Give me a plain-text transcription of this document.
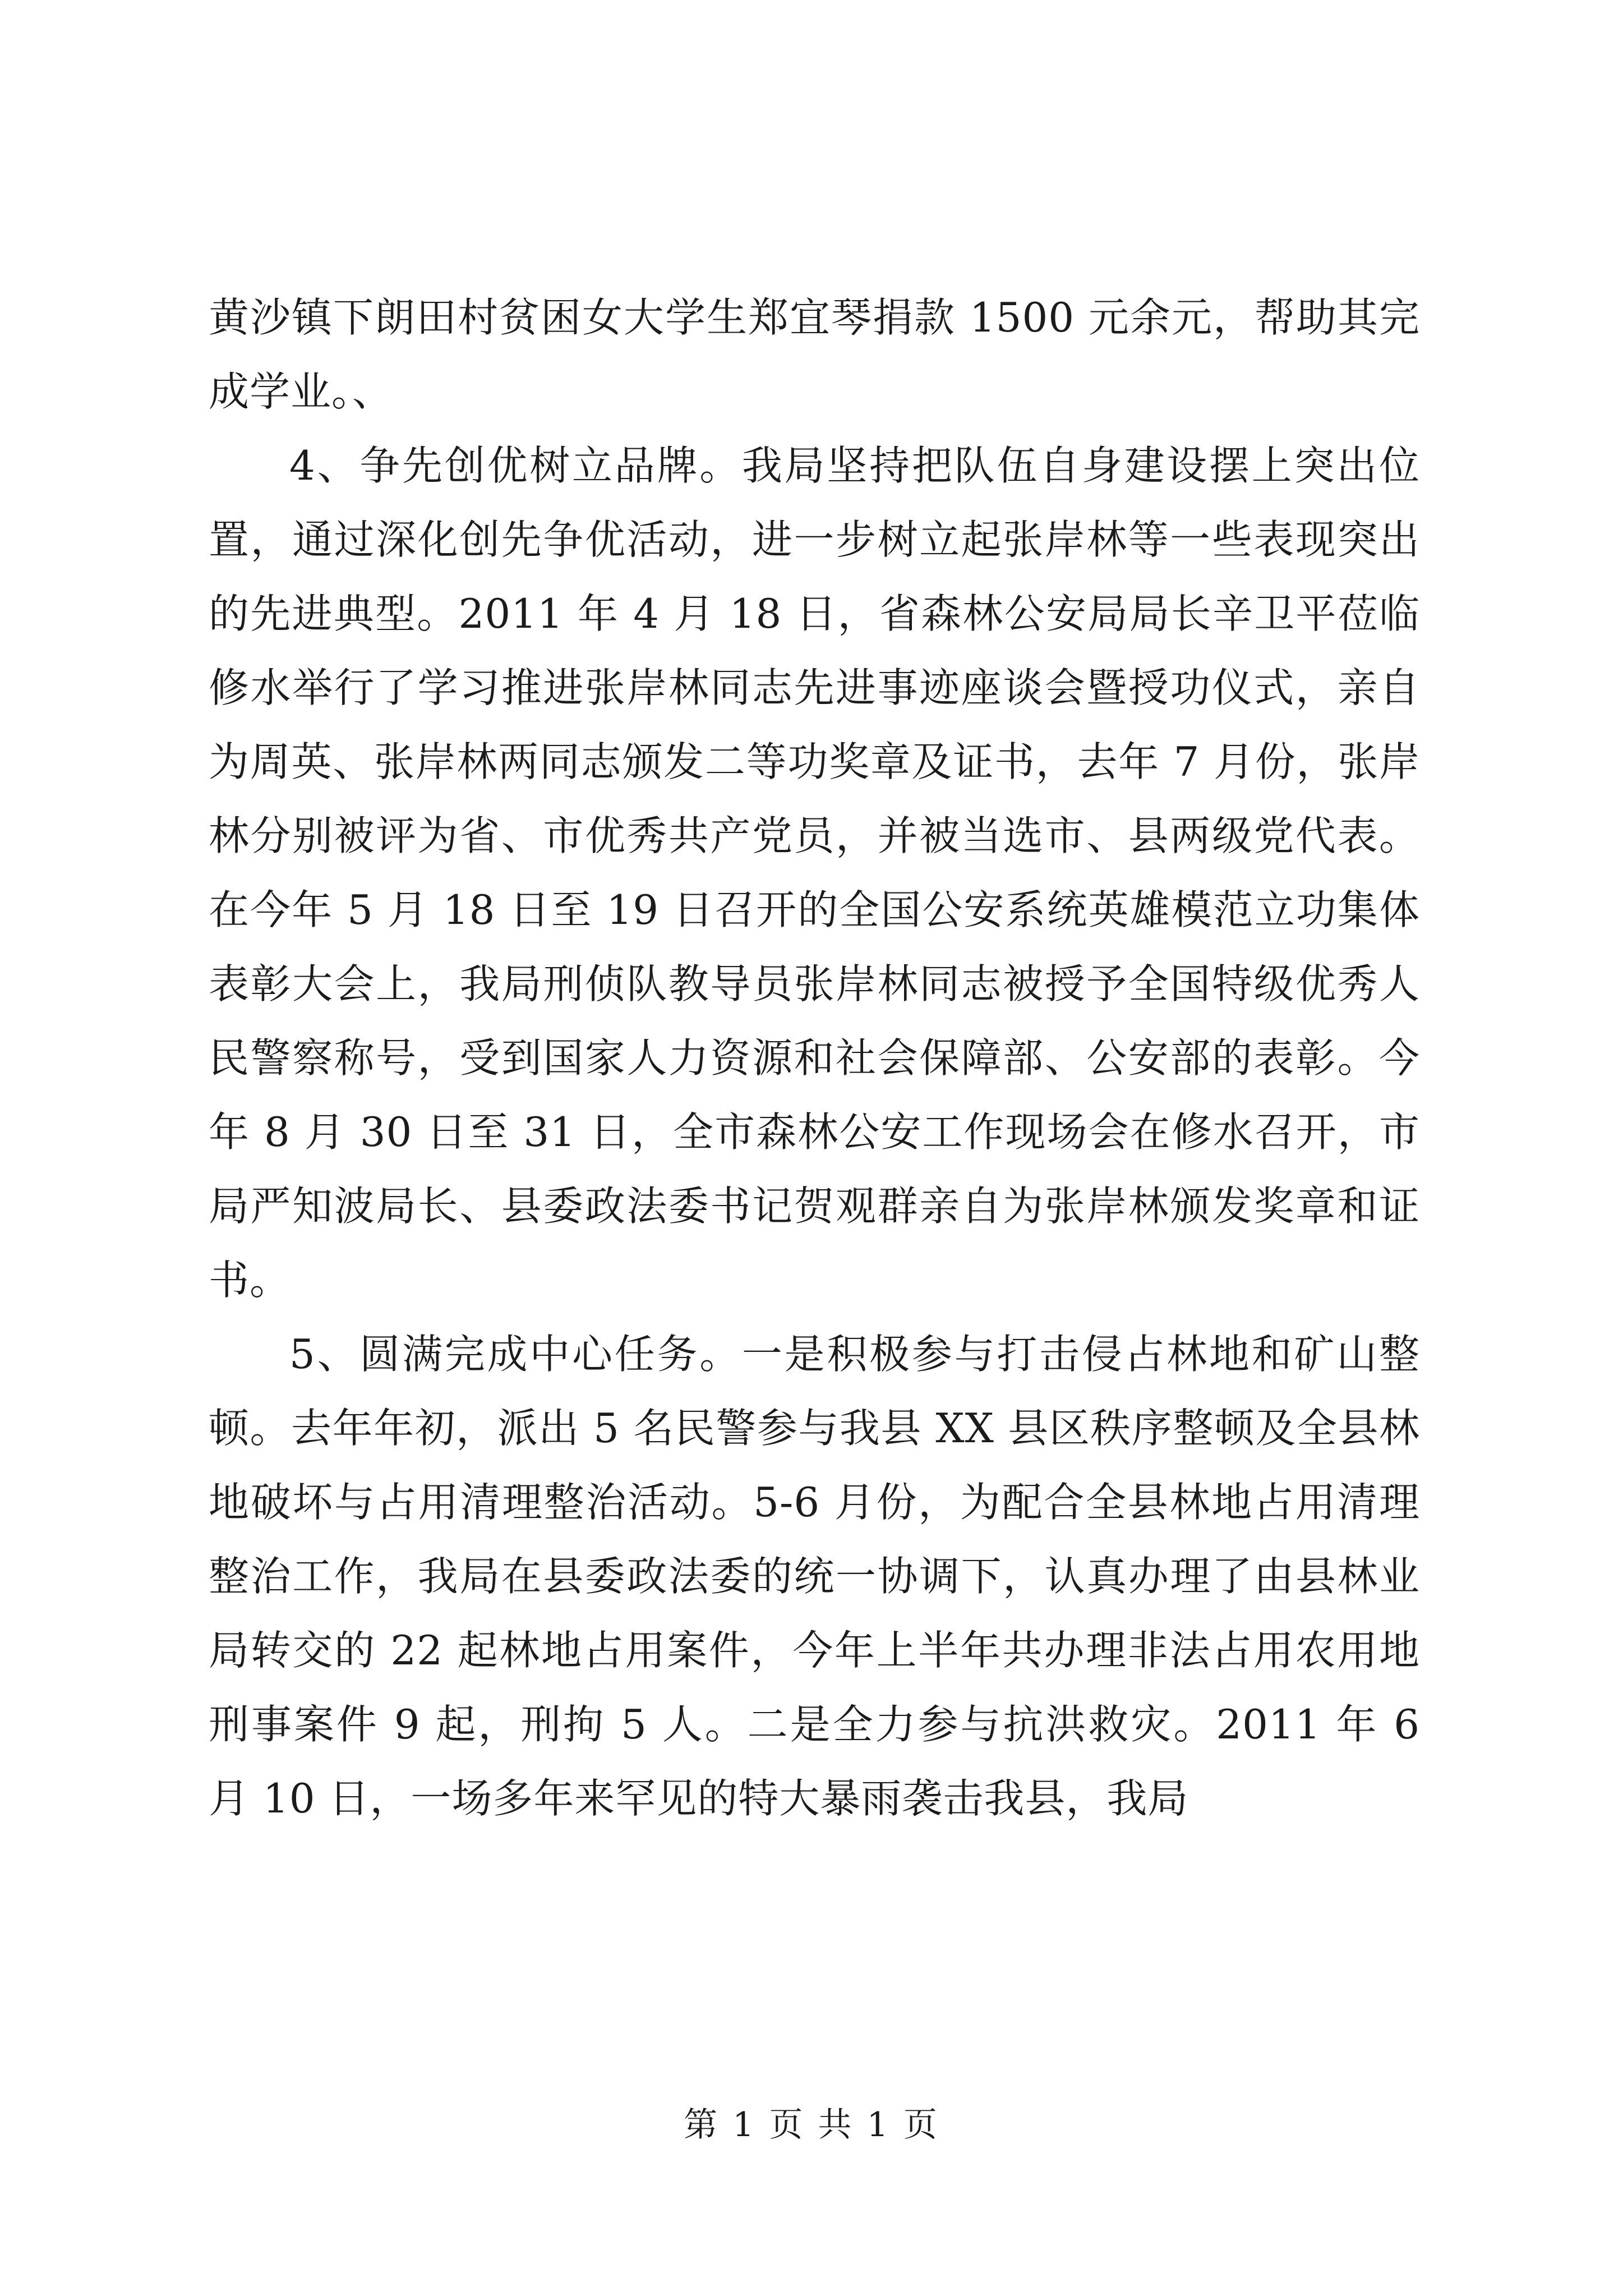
黄沙镇下朗田村贫困女大学生郑宜琴捐款 1500 元余元，帮助其完成学业。、

4、争先创优树立品牌。我局坚持把队伍自身建设摆上突出位置，通过深化创先争优活动，进一步树立起张岸林等一些表现突出的先进典型。2011 年 4 月 18 日，省森林公安局局长辛卫平莅临修水举行了学习推进张岸林同志先进事迹座谈会暨授功仪式，亲自为周英、张岸林两同志颁发二等功奖章及证书，去年 7 月份，张岸林分别被评为省、市优秀共产党员，并被当选市、县两级党代表。在今年 5 月 18 日至 19 日召开的全国公安系统英雄模范立功集体表彰大会上，我局刑侦队教导员张岸林同志被授予全国特级优秀人民警察称号，受到国家人力资源和社会保障部、公安部的表彰。今年 8 月 30 日至 31 日，全市森林公安工作现场会在修水召开，市局严知波局长、县委政法委书记贺观群亲自为张岸林颁发奖章和证书。

5、圆满完成中心任务。一是积极参与打击侵占林地和矿山整顿。去年年初，派出 5 名民警参与我县 XX 县区秩序整顿及全县林地破坏与占用清理整治活动。5-6 月份，为配合全县林地占用清理整治工作，我局在县委政法委的统一协调下，认真办理了由县林业局转交的 22 起林地占用案件，今年上半年共办理非法占用农用地刑事案件 9 起，刑拘 5 人。二是全力参与抗洪救灾。2011 年 6 月 10 日，一场多年来罕见的特大暴雨袭击我县，我局

第 1 页 共 1 页
